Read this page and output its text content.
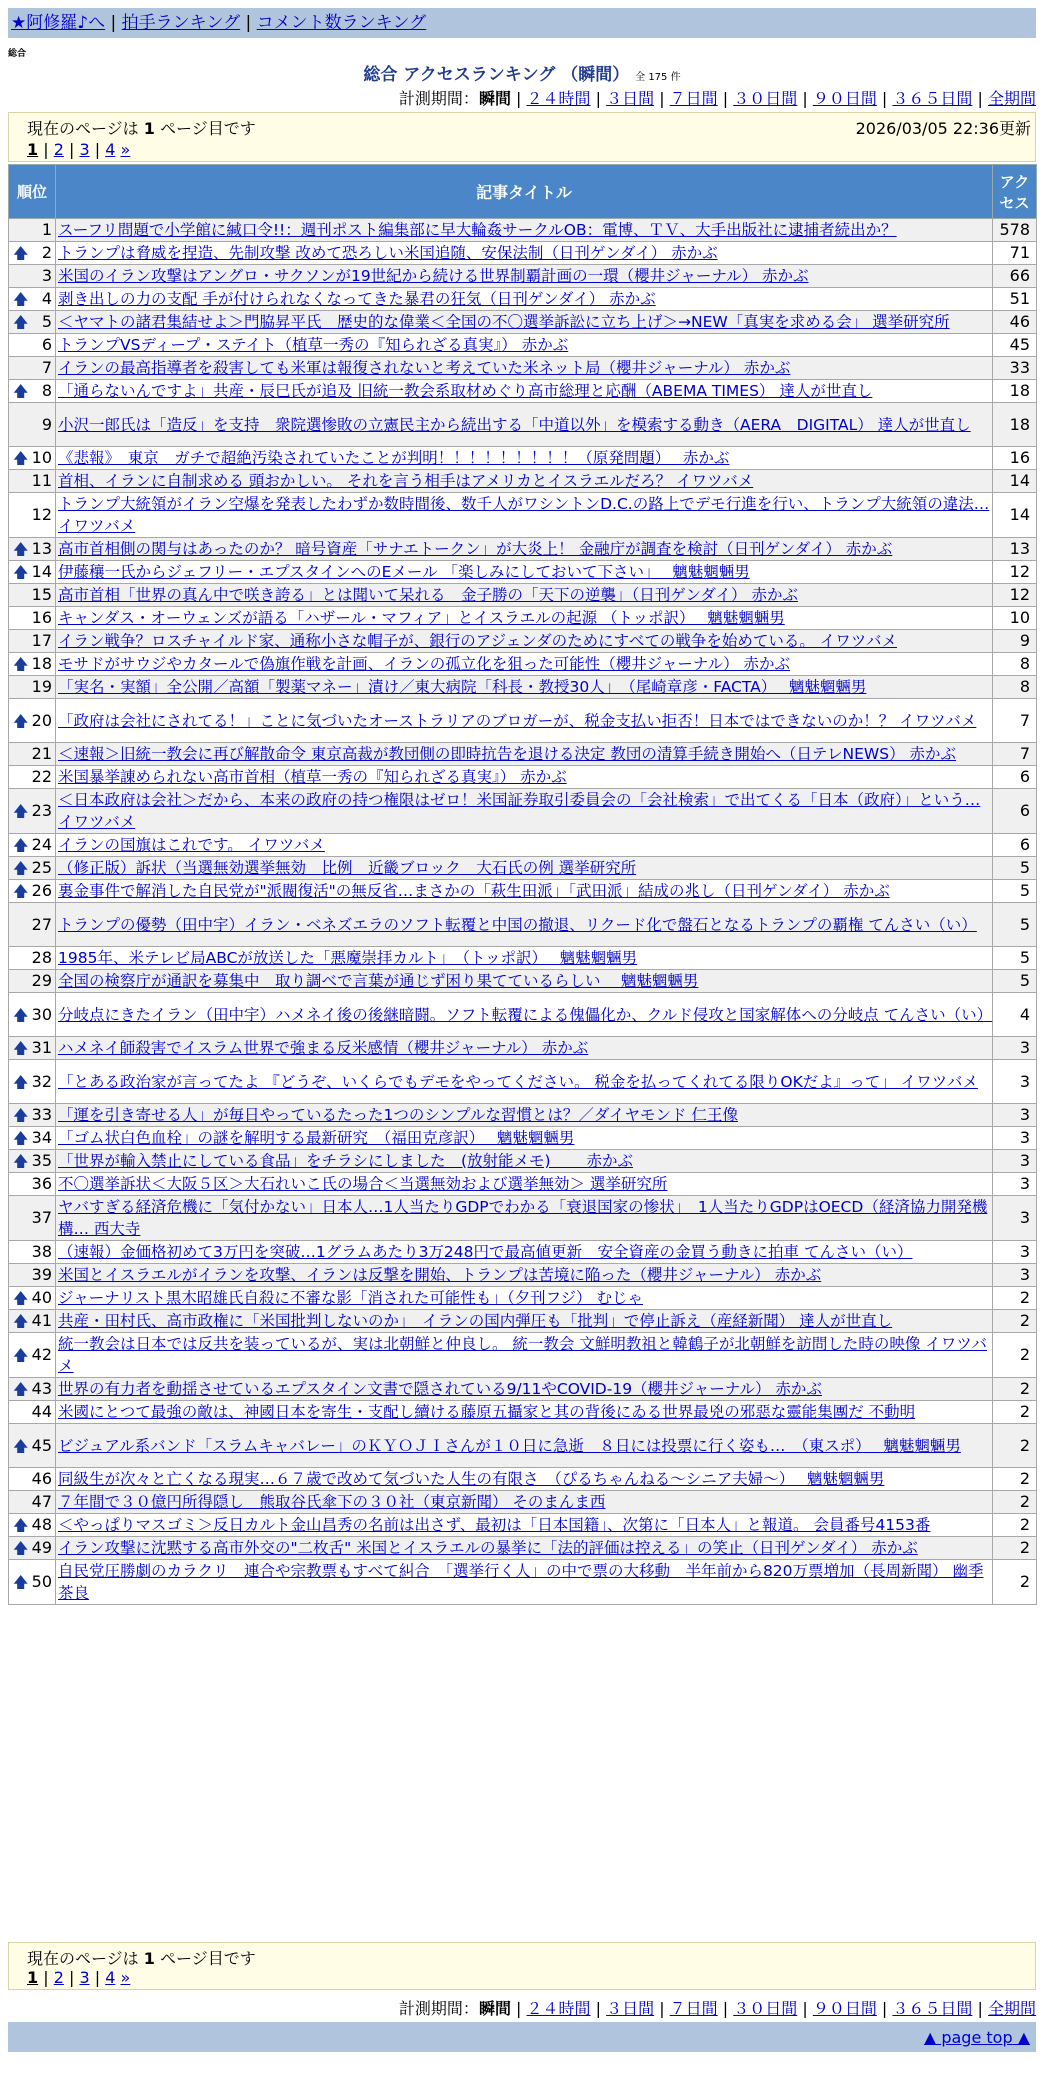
★阿修羅♪へ | 拍手ランキング | コメント数ランキング
総合
総合 アクセスランキング （瞬間） 全 175 件
計測期間：瞬間 | ２４時間 | ３日間 | ７日間 | ３０日間 | ９０日間 | ３６５日間 | 全期間
現在のページは 1 ページ目です	2026/03/05 22:36更新
1 | 2 | 3 | 4 »
順位	記事タイトル	アクセス
1	スーフリ問題で小学館に緘口令!!：週刊ポスト編集部に早大輪姦サークルOB：電博、ＴＶ、大手出版社に逮捕者続出か？	578

🡅 2	トランプは脅威を捏造、先制攻撃 改めて恐ろしい米国追随、安保法制（日刊ゲンダイ） 赤かぶ	71
3	米国のイラン攻撃はアングロ・サクソンが19世紀から続ける世界制覇計画の一環（櫻井ジャーナル） 赤かぶ	66

🡅 4	剥き出しの力の支配 手が付けられなくなってきた暴君の狂気（日刊ゲンダイ） 赤かぶ	51

🡅 5	＜ヤマトの諸君集結せよ＞門脇昇平氏　歴史的な偉業＜全国の不〇選挙訴訟に立ち上げ＞→NEW「真実を求める会」 選挙研究所	46
6	トランプVSディープ・ステイト（植草一秀の『知られざる真実』） 赤かぶ	45
7	イランの最高指導者を殺害しても米軍は報復されないと考えていた米ネット局（櫻井ジャーナル） 赤かぶ	33

🡅 8	「通らないんですよ」共産・辰巳氏が追及 旧統一教会系取材めぐり高市総理と応酬（ABEMA TIMES） 達人が世直し	18
9	小沢一郎氏は「造反」を支持　衆院選惨敗の立憲民主から続出する「中道以外」を模索する動き（AERA　DIGITAL） 達人が世直し	18

🡅 10	《悲報》　東京　ガチで超絶汚染されていたことが判明！！！！！！！！！（原発問題）　 赤かぶ	16
11	首相、イランに自制求める 頭おかしい。 それを言う相手はアメリカとイスラエルだろ？ イワツバメ	14
12	トランプ大統領がイラン空爆を発表したわずか数時間後、数千人がワシントンD.C.の路上でデモ行進を行い、トランプ大統領の違法… イワツバメ	14

🡅 13	高市首相側の関与はあったのか？ 暗号資産「サナエトークン」が大炎上！ 金融庁が調査を検討（日刊ゲンダイ） 赤かぶ	13

🡅 14	伊藤穰一氏からジェフリー・エプスタインへのEメール 「楽しみにしておいて下さい」　 魑魅魍魎男	12
15	高市首相「世界の真ん中で咲き誇る」とは聞いて呆れる　金子勝の「天下の逆襲」（日刊ゲンダイ） 赤かぶ	12
16	キャンダス・オーウェンズが語る「ハザール・マフィア」とイスラエルの起源 （トッポ訳）　 魑魅魍魎男	10
17	イラン戦争？ロスチャイルド家、通称小さな帽子が、銀行のアジェンダのためにすべての戦争を始めている。 イワツバメ	9

🡅 18	モサドがサウジやカタールで偽旗作戦を計画、イランの孤立化を狙った可能性（櫻井ジャーナル） 赤かぶ	8
19	「実名・実額」全公開／高額「製薬マネー」漬け／東大病院「科長・教授30人」　（尾崎章彦・FACTA）　 魑魅魍魎男	8

🡅 20	「政府は会社にされてる！」ことに気づいたオーストラリアのブロガーが、税金支払い拒否！日本ではできないのか！？ イワツバメ	7
21	＜速報＞旧統一教会に再び解散命令 東京高裁が教団側の即時抗告を退ける決定 教団の清算手続き開始へ（日テレNEWS） 赤かぶ	7
22	米国暴挙諌められない高市首相（植草一秀の『知られざる真実』） 赤かぶ	6

🡅 23	＜日本政府は会社＞だから、本来の政府の持つ権限はゼロ！米国証券取引委員会の「会社検索」で出てくる「日本（政府）」という… イワツバメ	6

🡅 24	イランの国旗はこれです。 イワツバメ	6

🡅 25	（修正版）訴状（当選無効選挙無効　比例　近畿ブロック　大石氏の例 選挙研究所	5

🡅 26	裏金事件で解消した自民党が"派閥復活"の無反省…まさかの「萩生田派」「武田派」結成の兆し（日刊ゲンダイ） 赤かぶ	5
27	トランプの優勢（田中宇）イラン・ベネズエラのソフト転覆と中国の撤退、リクード化で盤石となるトランプの覇権 てんさい（い）	5
28	1985年、米テレビ局ABCが放送した「悪魔崇拝カルト」　（トッポ訳）　 魑魅魍魎男	5
29	全国の検察庁が通訳を募集中　取り調べで言葉が通じず困り果てているらしい　 魑魅魍魎男	5

🡅 30	分岐点にきたイラン（田中宇）ハメネイ後の後継暗闘。ソフト転覆による傀儡化か、クルド侵攻と国家解体への分岐点 てんさい（い）	4

🡅 31	ハメネイ師殺害でイスラム世界で強まる反米感情（櫻井ジャーナル） 赤かぶ	3

🡅 32	「とある政治家が言ってたよ 『どうぞ、いくらでもデモをやってください。 税金を払ってくれてる限りOKだよ』って」 イワツバメ	3

🡅 33	「運を引き寄せる人」が毎日やっているたった1つのシンプルな習慣とは？／ダイヤモンド 仁王像	3

🡅 34	「ゴム状白色血栓」の謎を解明する最新研究　（福田克彦訳）　 魑魅魍魎男	3

🡅 35	「世界が輸入禁止にしている食品」をチラシにしました　(放射能メモ)　　 赤かぶ	3
36	不〇選挙訴状＜大阪５区＞大石れいこ氏の場合＜当選無効および選挙無効＞ 選挙研究所	3
37	ヤバすぎる経済危機に「気付かない」日本人…1人当たりGDPでわかる「衰退国家の惨状」　1人当たりGDPはOECD（経済協力開発機構… 西大寺	3
38	（速報）金価格初めて3万円を突破…1グラムあたり3万248円で最高値更新　安全資産の金買う動きに拍車 てんさい（い）	3
39	米国とイスラエルがイランを攻撃、イランは反撃を開始、トランプは苦境に陥った（櫻井ジャーナル） 赤かぶ	3

🡅 40	ジャーナリスト黒木昭雄氏自殺に不審な影「消された可能性も」（夕刊フジ） むじゃ	2

🡅 41	共産・田村氏、高市政権に「米国批判しないのか」　イランの国内弾圧も「批判」で停止訴え（産経新聞） 達人が世直し	2

🡅 42	統一教会は日本では反共を装っているが、実は北朝鮮と仲良し。 統一教会 文鮮明教祖と韓鶴子が北朝鮮を訪問した時の映像 イワツバメ	2

🡅 43	世界の有力者を動揺させているエプスタイン文書で隠されている9/11やCOVID-19（櫻井ジャーナル） 赤かぶ	2
44	米國にとつて最強の敵は、神國日本を寄生・支配し續ける藤原五攝家と其の背後にゐる世界最兇の邪惡な靈能集團だ 不動明	2

🡅 45	ビジュアル系バンド「スラムキャバレー」のＫＹＯＪＩさんが１０日に急逝　８日には投票に行く姿も…　（東スポ）　 魑魅魍魎男	2
46	同級生が次々と亡くなる現実…６７歳で改めて気づいた人生の有限さ　（ぴるちゃんねる～シニア夫婦～）　 魑魅魍魎男	2
47	７年間で３０億円所得隠し　熊取谷氏傘下の３０社（東京新聞） そのまんま西	2

🡅 48	＜やっぱりマスゴミ＞反日カルト金山昌秀の名前は出さず、最初は「日本国籍」、次第に「日本人」と報道。 会員番号4153番	2

🡅 49	イラン攻撃に沈黙する高市外交の"二枚舌" 米国とイスラエルの暴挙に「法的評価は控える」の笑止（日刊ゲンダイ） 赤かぶ	2

🡅 50	自民党圧勝劇のカラクリ　連合や宗教票もすべて糾合　「選挙行く人」の中で票の大移動　半年前から820万票増加（長周新聞） 幽季 茶良	2
現在のページは 1 ページ目です
1 | 2 | 3 | 4 »
計測期間：瞬間 | ２４時間 | ３日間 | ７日間 | ３０日間 | ９０日間 | ３６５日間 | 全期間
▲ page top ▲
